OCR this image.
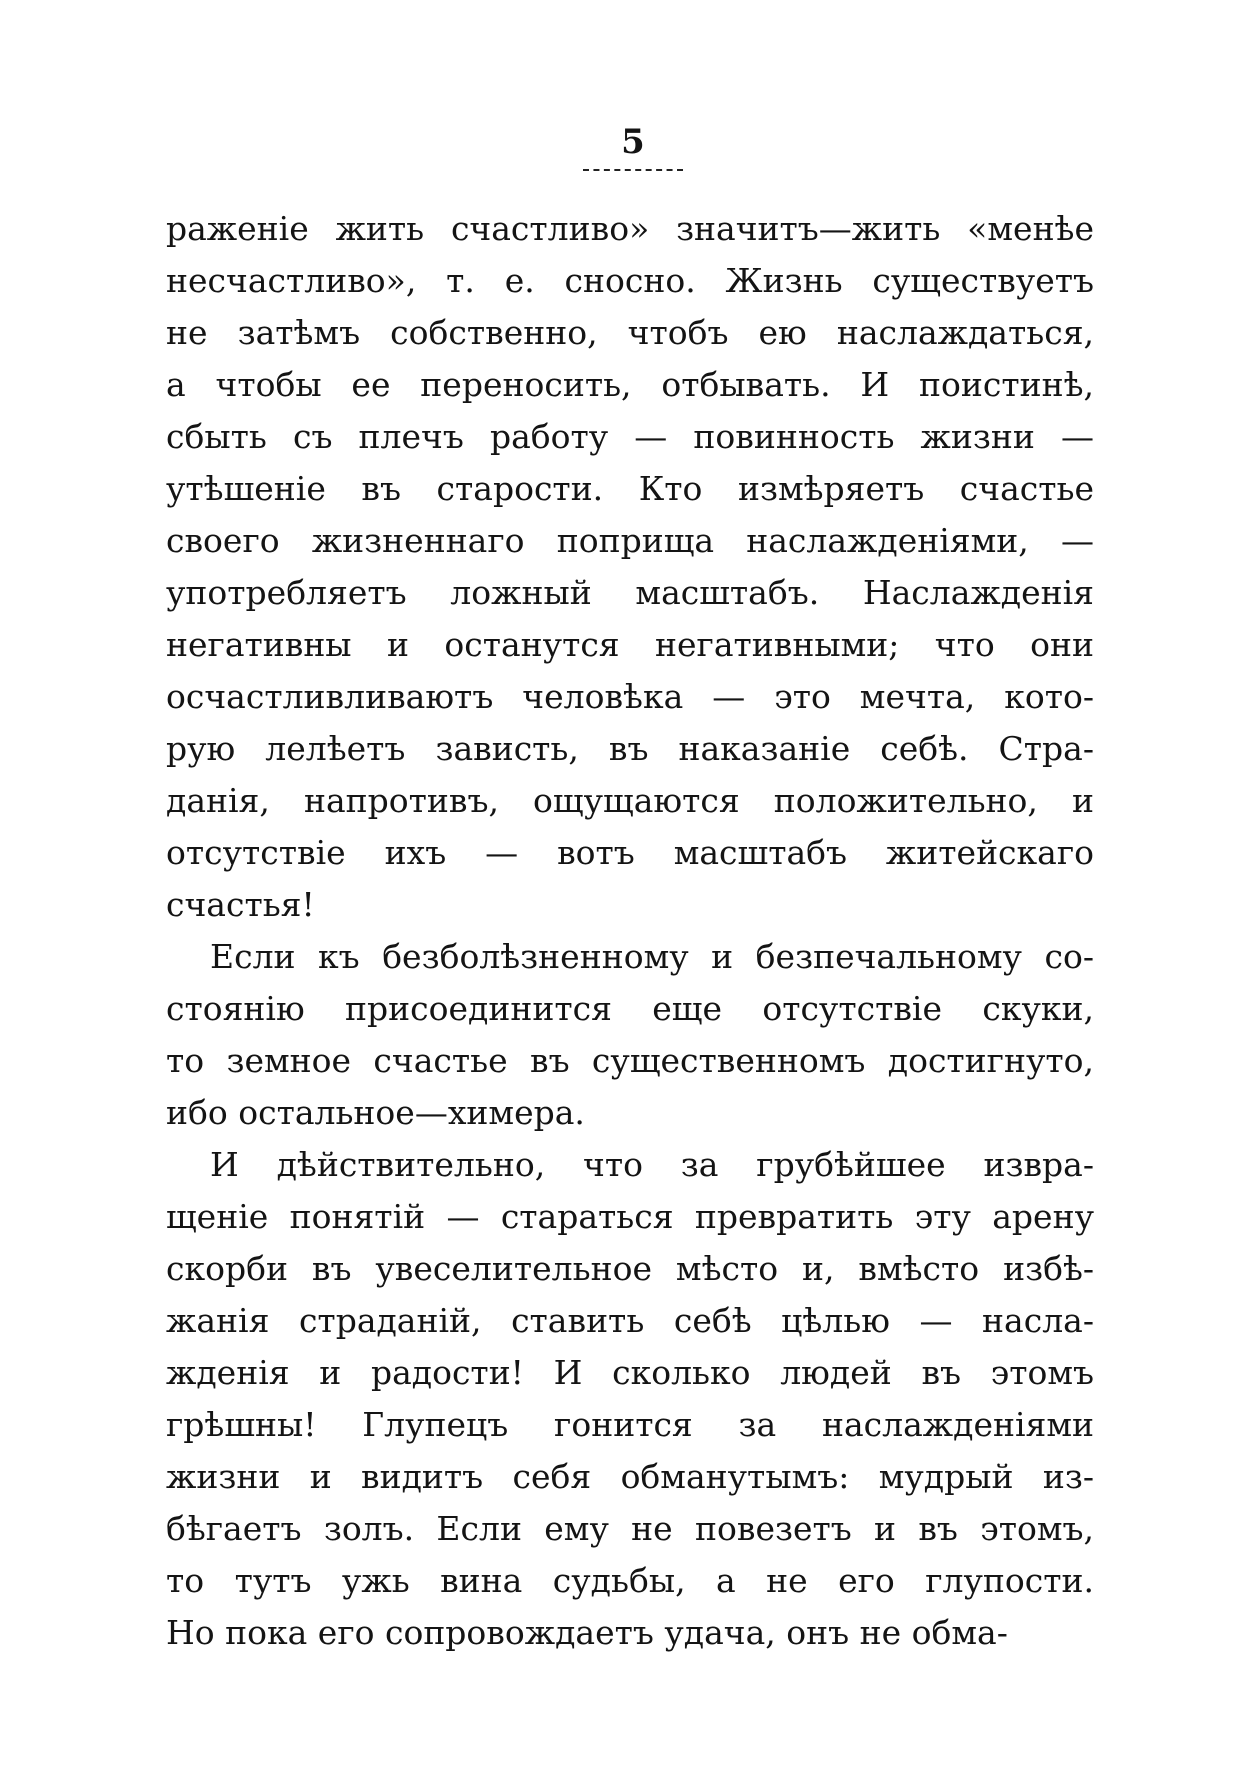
5
раженіе жить счастливо» значитъ—жить «менѣе
несчастливо», т. е. сносно. Жизнь существуетъ
не затѣмъ собственно, чтобъ ею наслаждаться,
а чтобы ее переносить, отбывать. И поистинѣ,
сбыть съ плечъ работу — повинность жизни —
утѣшеніе въ старости. Кто измѣряетъ счастье
своего жизненнаго поприща наслажденіями, —
употребляетъ ложный масштабъ. Наслажденія
негативны и останутся негативными; что они
осчастливливаютъ человѣка — это мечта, кото-
рую лелѣетъ зависть, въ наказаніе себѣ. Стра-
данія, напротивъ, ощущаются положительно, и
отсутствіе ихъ — вотъ масштабъ житейскаго
счастья!
Если къ безболѣзненному и безпечальному со-
стоянію присоединится еще отсутствіе скуки,
то земное счастье въ существенномъ достигнуто,
ибо остальное—химера.
И дѣйствительно, что за грубѣйшее извра-
щеніе понятій — стараться превратить эту арену
скорби въ увеселительное мѣсто и, вмѣсто избѣ-
жанія страданій, ставить себѣ цѣлью — насла-
жденія и радости! И сколько людей въ этомъ
грѣшны! Глупецъ гонится за наслажденіями
жизни и видитъ себя обманутымъ: мудрый из-
бѣгаетъ золъ. Если ему не повезетъ и въ этомъ,
то тутъ ужь вина судьбы, а не его глупости.
Но пока его сопровождаетъ удача, онъ не обма-
